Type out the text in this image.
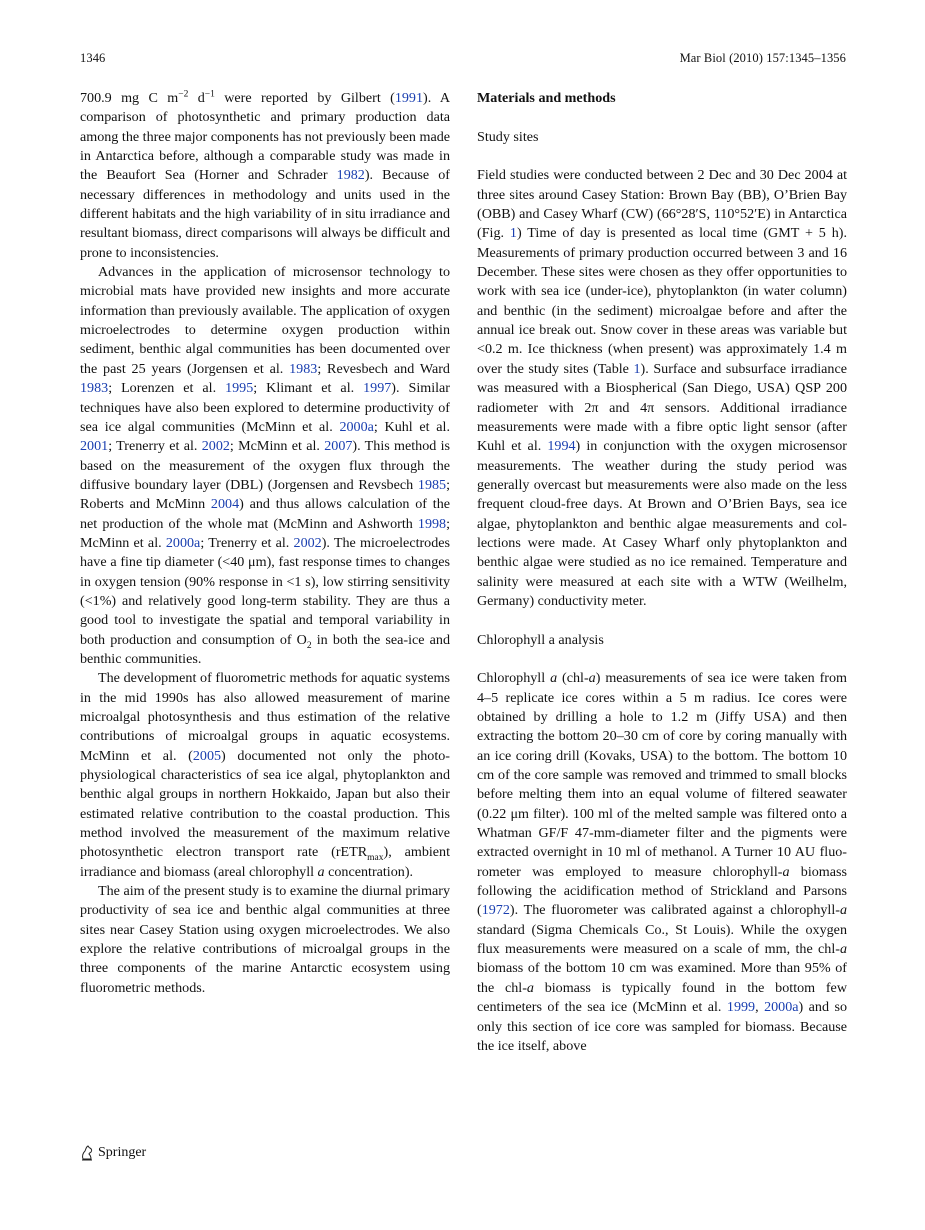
1346	Mar Biol (2010) 157:1345–1356

700.9 mg C $m^{-2}$ $d^{-1}$ were reported by Gilbert (1991). A comparison of photosynthetic and primary production data among the three major components has not previously been made in Antarctica before, although a comparable study was made in the Beaufort Sea (Horner and Schrader 1982). Because of necessary differences in methodology and units used in the different habitats and the high variability of in situ irradiance and resultant biomass, direct comparisons will always be difficult and prone to inconsistencies.

Advances in the application of microsensor technology to microbial mats have provided new insights and more accurate information than previously available. The application of oxygen microelectrodes to determine oxygen production within sediment, benthic algal communities has been documented over the past 25 years (Jorgensen et al. 1983; Revesbech and Ward 1983; Lorenzen et al. 1995; Klimant et al. 1997). Similar techniques have also been explored to determine productivity of sea ice algal communities (McMinn et al. 2000a; Kuhl et al. 2001; Trenerry et al. 2002; McMinn et al. 2007). This method is based on the measurement of the oxygen flux through the diffusive boundary layer (DBL) (Jorgensen and Revsbech 1985; Roberts and McMinn 2004) and thus allows calculation of the net production of the whole mat (McMinn and Ashworth 1998; McMinn et al. 2000a; Trenerry et al. 2002). The microelectrodes have a fine tip diameter (<40 μm), fast response times to changes in oxygen tension (90% response in <1 s), low stirring sensitivity (<1%) and relatively good long-term stability. They are thus a good tool to investigate the spatial and temporal variability in both production and consumption of $O_2$ in both the sea-ice and benthic communities.

The development of fluorometric methods for aquatic systems in the mid 1990s has also allowed measurement of marine microalgal photosynthesis and thus estimation of the relative contributions of microalgal groups in aquatic ecosystems. McMinn et al. (2005) documented not only the photo-physiological characteristics of sea ice algal, phytoplankton and benthic algal groups in northern Hokkaido, Japan but also their estimated relative contribution to the coastal production. This method involved the measurement of the maximum relative photosynthetic electron transport rate (rETR$_{max}$), ambient irradiance and biomass (areal chlorophyll a concentration).

The aim of the present study is to examine the diurnal primary productivity of sea ice and benthic algal communities at three sites near Casey Station using oxygen microelectrodes. We also explore the relative contributions of microalgal groups in the three components of the marine Antarctic ecosystem using fluorometric methods.

Materials and methods

Study sites

Field studies were conducted between 2 Dec and 30 Dec 2004 at three sites around Casey Station: Brown Bay (BB), O’Brien Bay (OBB) and Casey Wharf (CW) (66°28′S, 110°52′E) in Antarctica (Fig. 1) Time of day is presented as local time (GMT + 5 h). Measurements of primary production occurred between 3 and 16 December. These sites were chosen as they offer opportunities to work with sea ice (under-ice), phytoplankton (in water column) and benthic (in the sediment) microalgae before and after the annual ice break out. Snow cover in these areas was variable but <0.2 m. Ice thickness (when present) was approximately 1.4 m over the study sites (Table 1). Surface and subsurface irradiance was measured with a Biospherical (San Diego, USA) QSP 200 radiometer with 2π and 4π sensors. Additional irradiance measurements were made with a fibre optic light sensor (after Kuhl et al. 1994) in conjunction with the oxygen microsensor measurements. The weather during the study period was generally overcast but measurements were also made on the less frequent cloud-free days. At Brown and O’Brien Bays, sea ice algae, phytoplankton and benthic algae measurements and collections were made. At Casey Wharf only phytoplankton and benthic algae were studied as no ice remained. Temperature and salinity were measured at each site with a WTW (Weilhelm, Germany) conductivity meter.

Chlorophyll a analysis

Chlorophyll a (chl-a) measurements of sea ice were taken from 4–5 replicate ice cores within a 5 m radius. Ice cores were obtained by drilling a hole to 1.2 m (Jiffy USA) and then extracting the bottom 20–30 cm of core by coring manually with an ice coring drill (Kovaks, USA) to the bottom. The bottom 10 cm of the core sample was removed and trimmed to small blocks before melting them into an equal volume of filtered seawater (0.22 μm filter). 100 ml of the melted sample was filtered onto a Whatman GF/F 47-mm-diameter filter and the pigments were extracted overnight in 10 ml of methanol. A Turner 10 AU fluorometer was employed to measure chlorophyll-a biomass following the acidification method of Strickland and Parsons (1972). The fluorometer was calibrated against a chlorophyll-a standard (Sigma Chemicals Co., St Louis). While the oxygen flux measurements were measured on a scale of mm, the chl-a biomass of the bottom 10 cm was examined. More than 95% of the chl-a biomass is typically found in the bottom few centimeters of the sea ice (McMinn et al. 1999, 2000a) and so only this section of ice core was sampled for biomass. Because the ice itself, above

Springer
